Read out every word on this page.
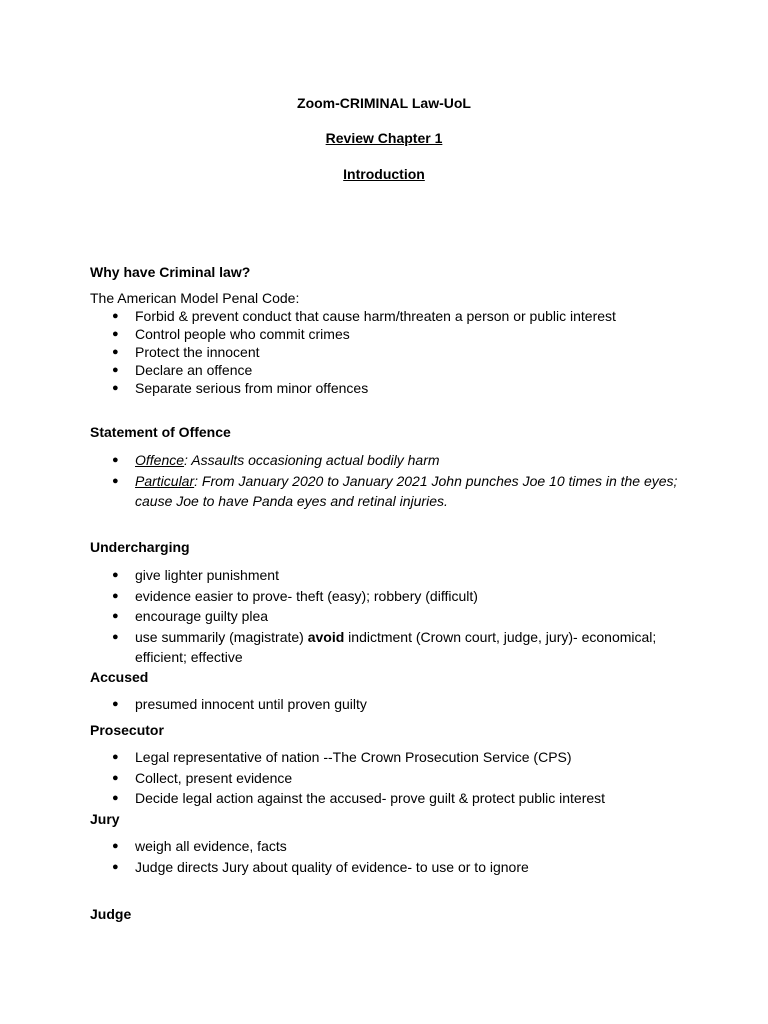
Zoom-CRIMINAL Law-UoL
Review Chapter 1
Introduction
Why have Criminal law?
The American Model Penal Code:
● Forbid & prevent conduct that cause harm/threaten a person or public interest
● Control people who commit crimes
● Protect the innocent
● Declare an offence
● Separate serious from minor offences
Statement of Offence
● Offence: Assaults occasioning actual bodily harm
● Particular: From January 2020 to January 2021 John punches Joe 10 times in the eyes; cause Joe to have Panda eyes and retinal injuries.
Undercharging
● give lighter punishment
● evidence easier to prove- theft (easy); robbery (difficult)
● encourage guilty plea
● use summarily (magistrate) avoid indictment (Crown court, judge, jury)- economical; efficient; effective
Accused
● presumed innocent until proven guilty
Prosecutor
● Legal representative of nation --The Crown Prosecution Service (CPS)
● Collect, present evidence
● Decide legal action against the accused- prove guilt & protect public interest
Jury
● weigh all evidence, facts
● Judge directs Jury about quality of evidence- to use or to ignore
Judge
